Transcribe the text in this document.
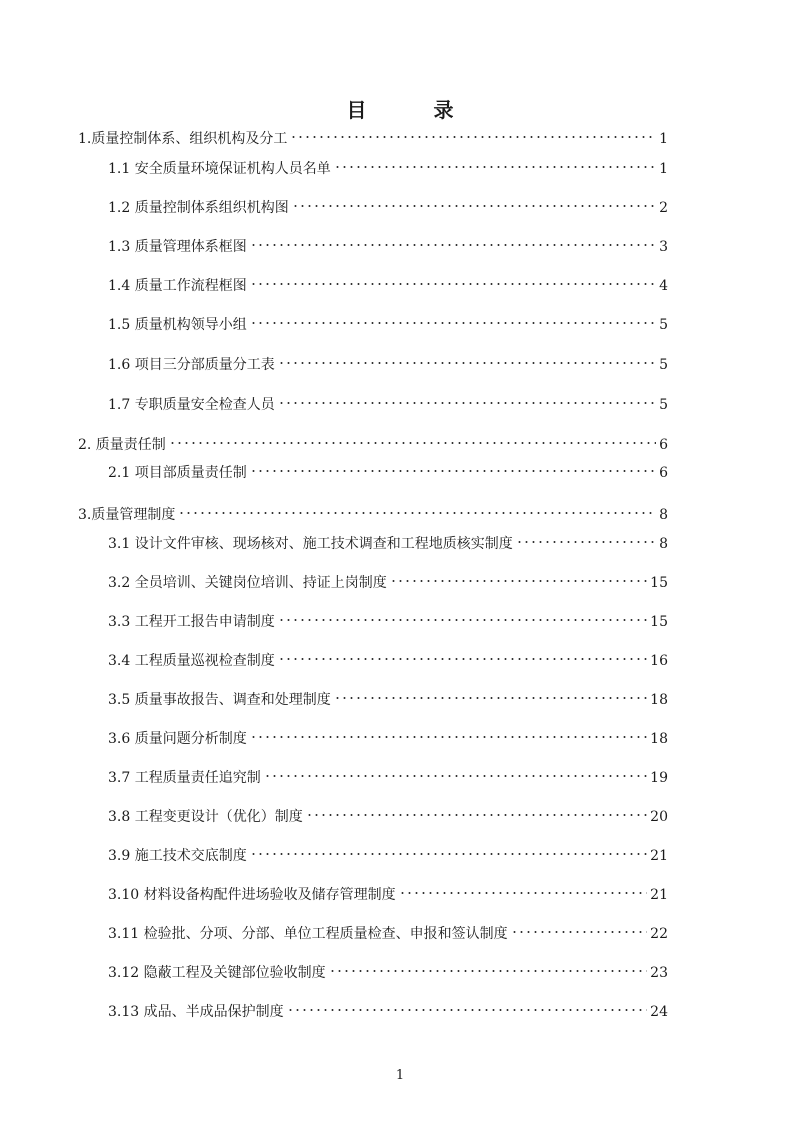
目 录
1.质量控制体系、组织机构及分工	1
1.1 安全质量环境保证机构人员名单	1
1.2 质量控制体系组织机构图	2
1.3 质量管理体系框图	3
1.4 质量工作流程框图	4
1.5 质量机构领导小组	5
1.6 项目三分部质量分工表	5
1.7 专职质量安全检查人员	5
2. 质量责任制	6
2.1 项目部质量责任制	6
3.质量管理制度	8
3.1 设计文件审核、现场核对、施工技术调查和工程地质核实制度	8
3.2 全员培训、关键岗位培训、持证上岗制度	15
3.3 工程开工报告申请制度	15
3.4 工程质量巡视检查制度	16
3.5 质量事故报告、调查和处理制度	18
3.6 质量问题分析制度	18
3.7 工程质量责任追究制	19
3.8 工程变更设计（优化）制度	20
3.9 施工技术交底制度	21
3.10 材料设备构配件进场验收及储存管理制度	21
3.11 检验批、分项、分部、单位工程质量检查、申报和签认制度	22
3.12 隐蔽工程及关键部位验收制度	23
3.13 成品、半成品保护制度	24
1
